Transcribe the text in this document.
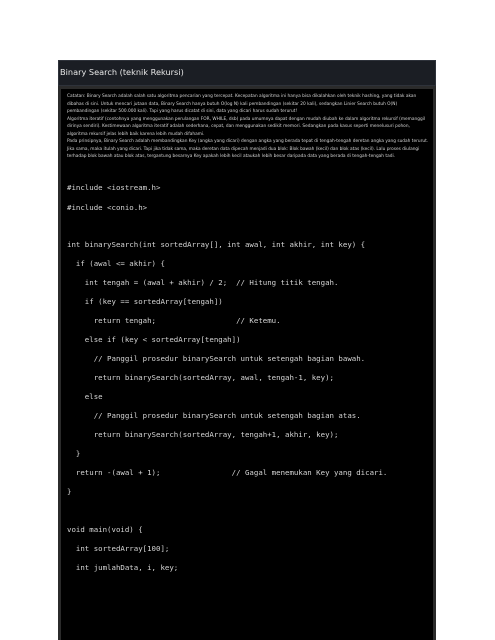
Binary Search (teknik Rekursi)
Catatan: Binary Search adalah salah satu algoritma pencarian yang tercepat. Kecepatan algoritma ini hanya bisa dikalahkan oleh teknik hashing, yang tidak akan dibahas di sini. Untuk mencari jutaan data, Binary Search hanya butuh O(log N) kali pembandingan (sekitar 20 kali), sedangkan Linier Search butuh O(N) pembandingan (sekitar 500.000 kali). Tapi yang harus dicatat di sini, data yang dicari harus sudah terurut!
Algoritma iteratif (contohnya yang menggunakan perulangan FOR, WHILE, dsb) pada umumnya dapat dengan mudah diubah ke dalam algoritma rekursif (memanggil dirinya sendiri). Kestimewaan algoritma iteratif adalah sederhana, cepat, dan menggunakan sedikit memori. Sedangkan pada kasus seperti menelusuri pohon, algoritma rekursif jelas lebih baik karena lebih mudah difahami.
Pada prinsipnya, Binary Search adalah membandingkan Key (angka yang dicari) dengan angka yang berada tepat di tengah-tengah deretan angka yang sudah terurut. Jika sama, maka itulah yang dicari. Tapi jika tidak sama, maka deretan data dipecah menjadi dua blok: Blok bawah (kecil) dan blok atas (kecil). Lalu proses diulangi terhadap blok bawah atau blok atas, tergantung besarnya Key apakah lebih kecil ataukah lebih besar daripada data yang berada di tengah-tengah tadi.
#include <iostream.h>
#include <conio.h>
int binarySearch(int sortedArray[], int awal, int akhir, int key) {
if (awal <= akhir) {
int tengah = (awal + akhir) / 2;  // Hitung titik tengah.
if (key == sortedArray[tengah])
return tengah;                  // Ketemu.
else if (key < sortedArray[tengah])
// Panggil prosedur binarySearch untuk setengah bagian bawah.
return binarySearch(sortedArray, awal, tengah-1, key);
else
// Panggil prosedur binarySearch untuk setengah bagian atas.
return binarySearch(sortedArray, tengah+1, akhir, key);
}
return -(awal + 1);                // Gagal menemukan Key yang dicari.
}
void main(void) {
int sortedArray[100];
int jumlahData, i, key;
